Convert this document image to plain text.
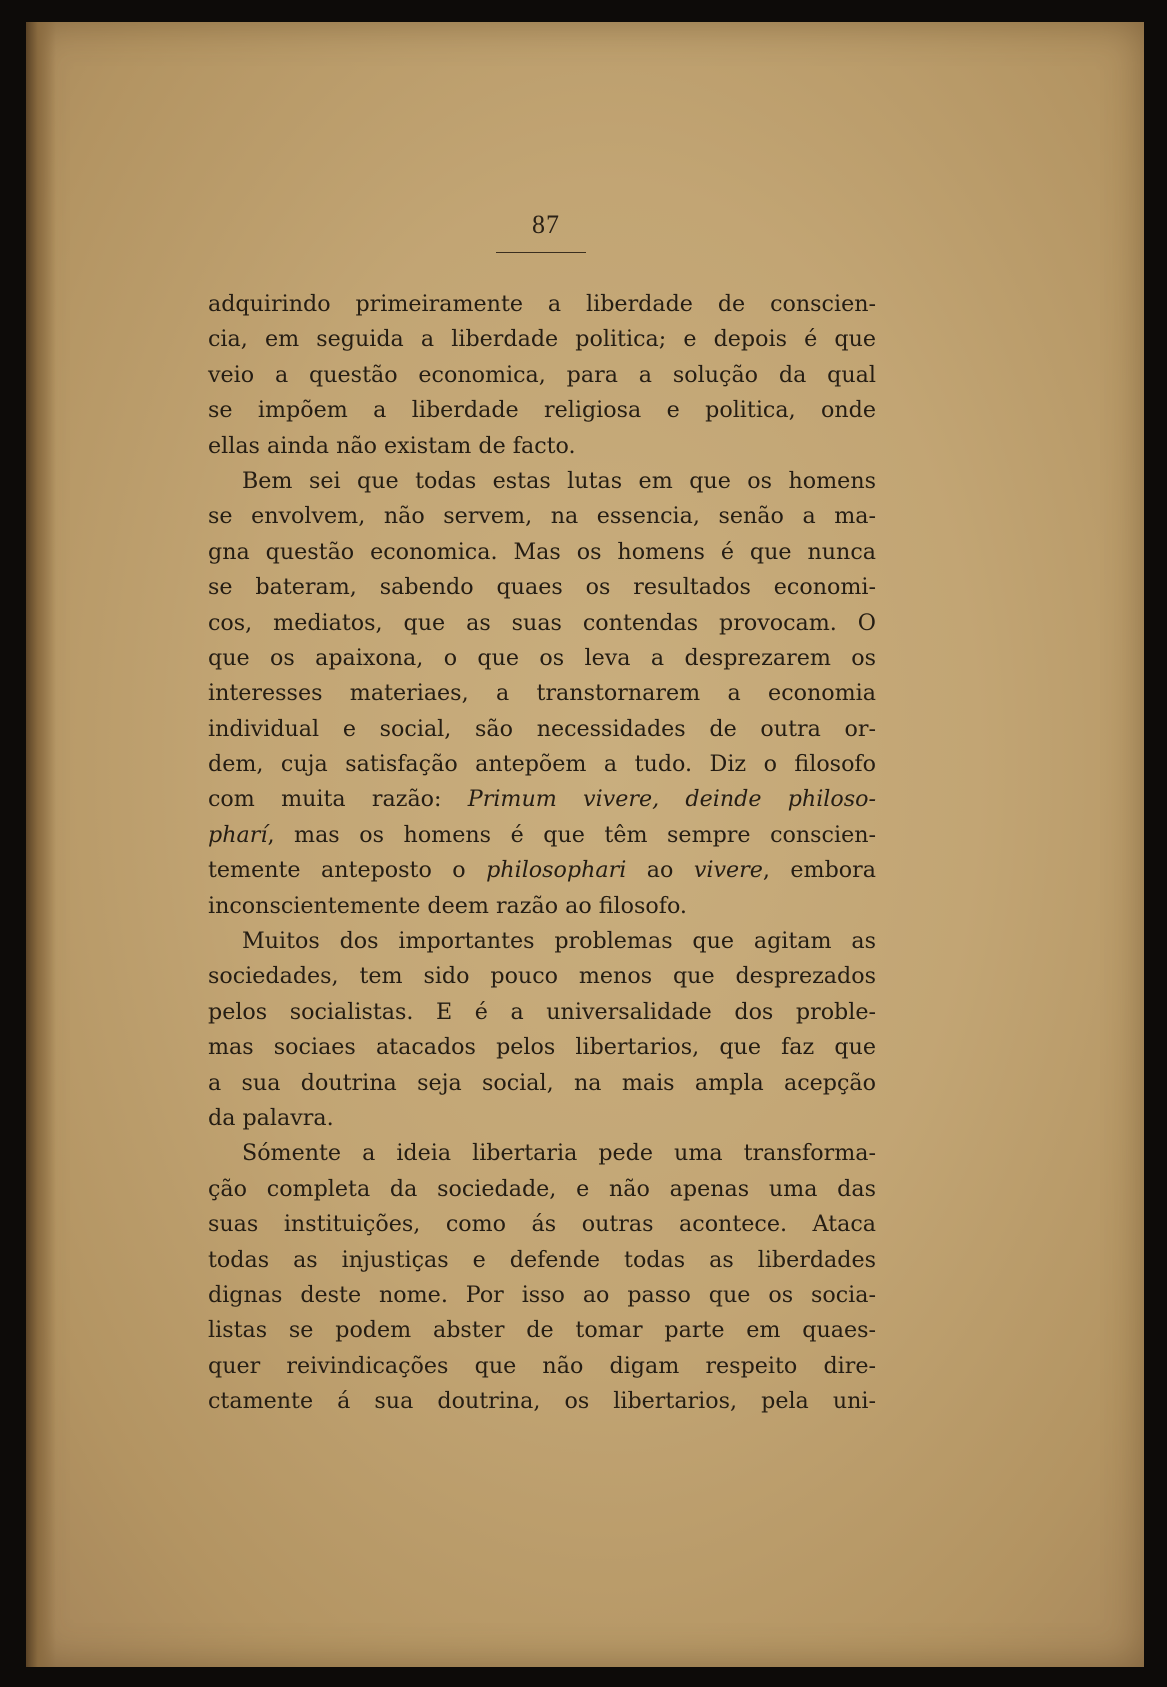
87
adquirindo primeiramente a liberdade de conscien-
cia, em seguida a liberdade politica; e depois é que
veio a questão economica, para a solução da qual
se impõem a liberdade religiosa e politica, onde
ellas ainda não existam de facto.
Bem sei que todas estas lutas em que os homens
se envolvem, não servem, na essencia, senão a ma-
gna questão economica. Mas os homens é que nunca
se bateram, sabendo quaes os resultados economi-
cos, mediatos, que as suas contendas provocam. O
que os apaixona, o que os leva a desprezarem os
interesses materiaes, a transtornarem a economia
individual e social, são necessidades de outra or-
dem, cuja satisfação antepõem a tudo. Diz o filosofo
com muita razão: Primum vivere, deinde philoso-
pharí, mas os homens é que têm sempre conscien-
temente anteposto o philosophari ao vivere, embora
inconscientemente deem razão ao filosofo.
Muitos dos importantes problemas que agitam as
sociedades, tem sido pouco menos que desprezados
pelos socialistas. E é a universalidade dos proble-
mas sociaes atacados pelos libertarios, que faz que
a sua doutrina seja social, na mais ampla acepção
da palavra.
Sómente a ideia libertaria pede uma transforma-
ção completa da sociedade, e não apenas uma das
suas instituições, como ás outras acontece. Ataca
todas as injustiças e defende todas as liberdades
dignas deste nome. Por isso ao passo que os socia-
listas se podem abster de tomar parte em quaes-
quer reivindicações que não digam respeito dire-
ctamente á sua doutrina, os libertarios, pela uni-
